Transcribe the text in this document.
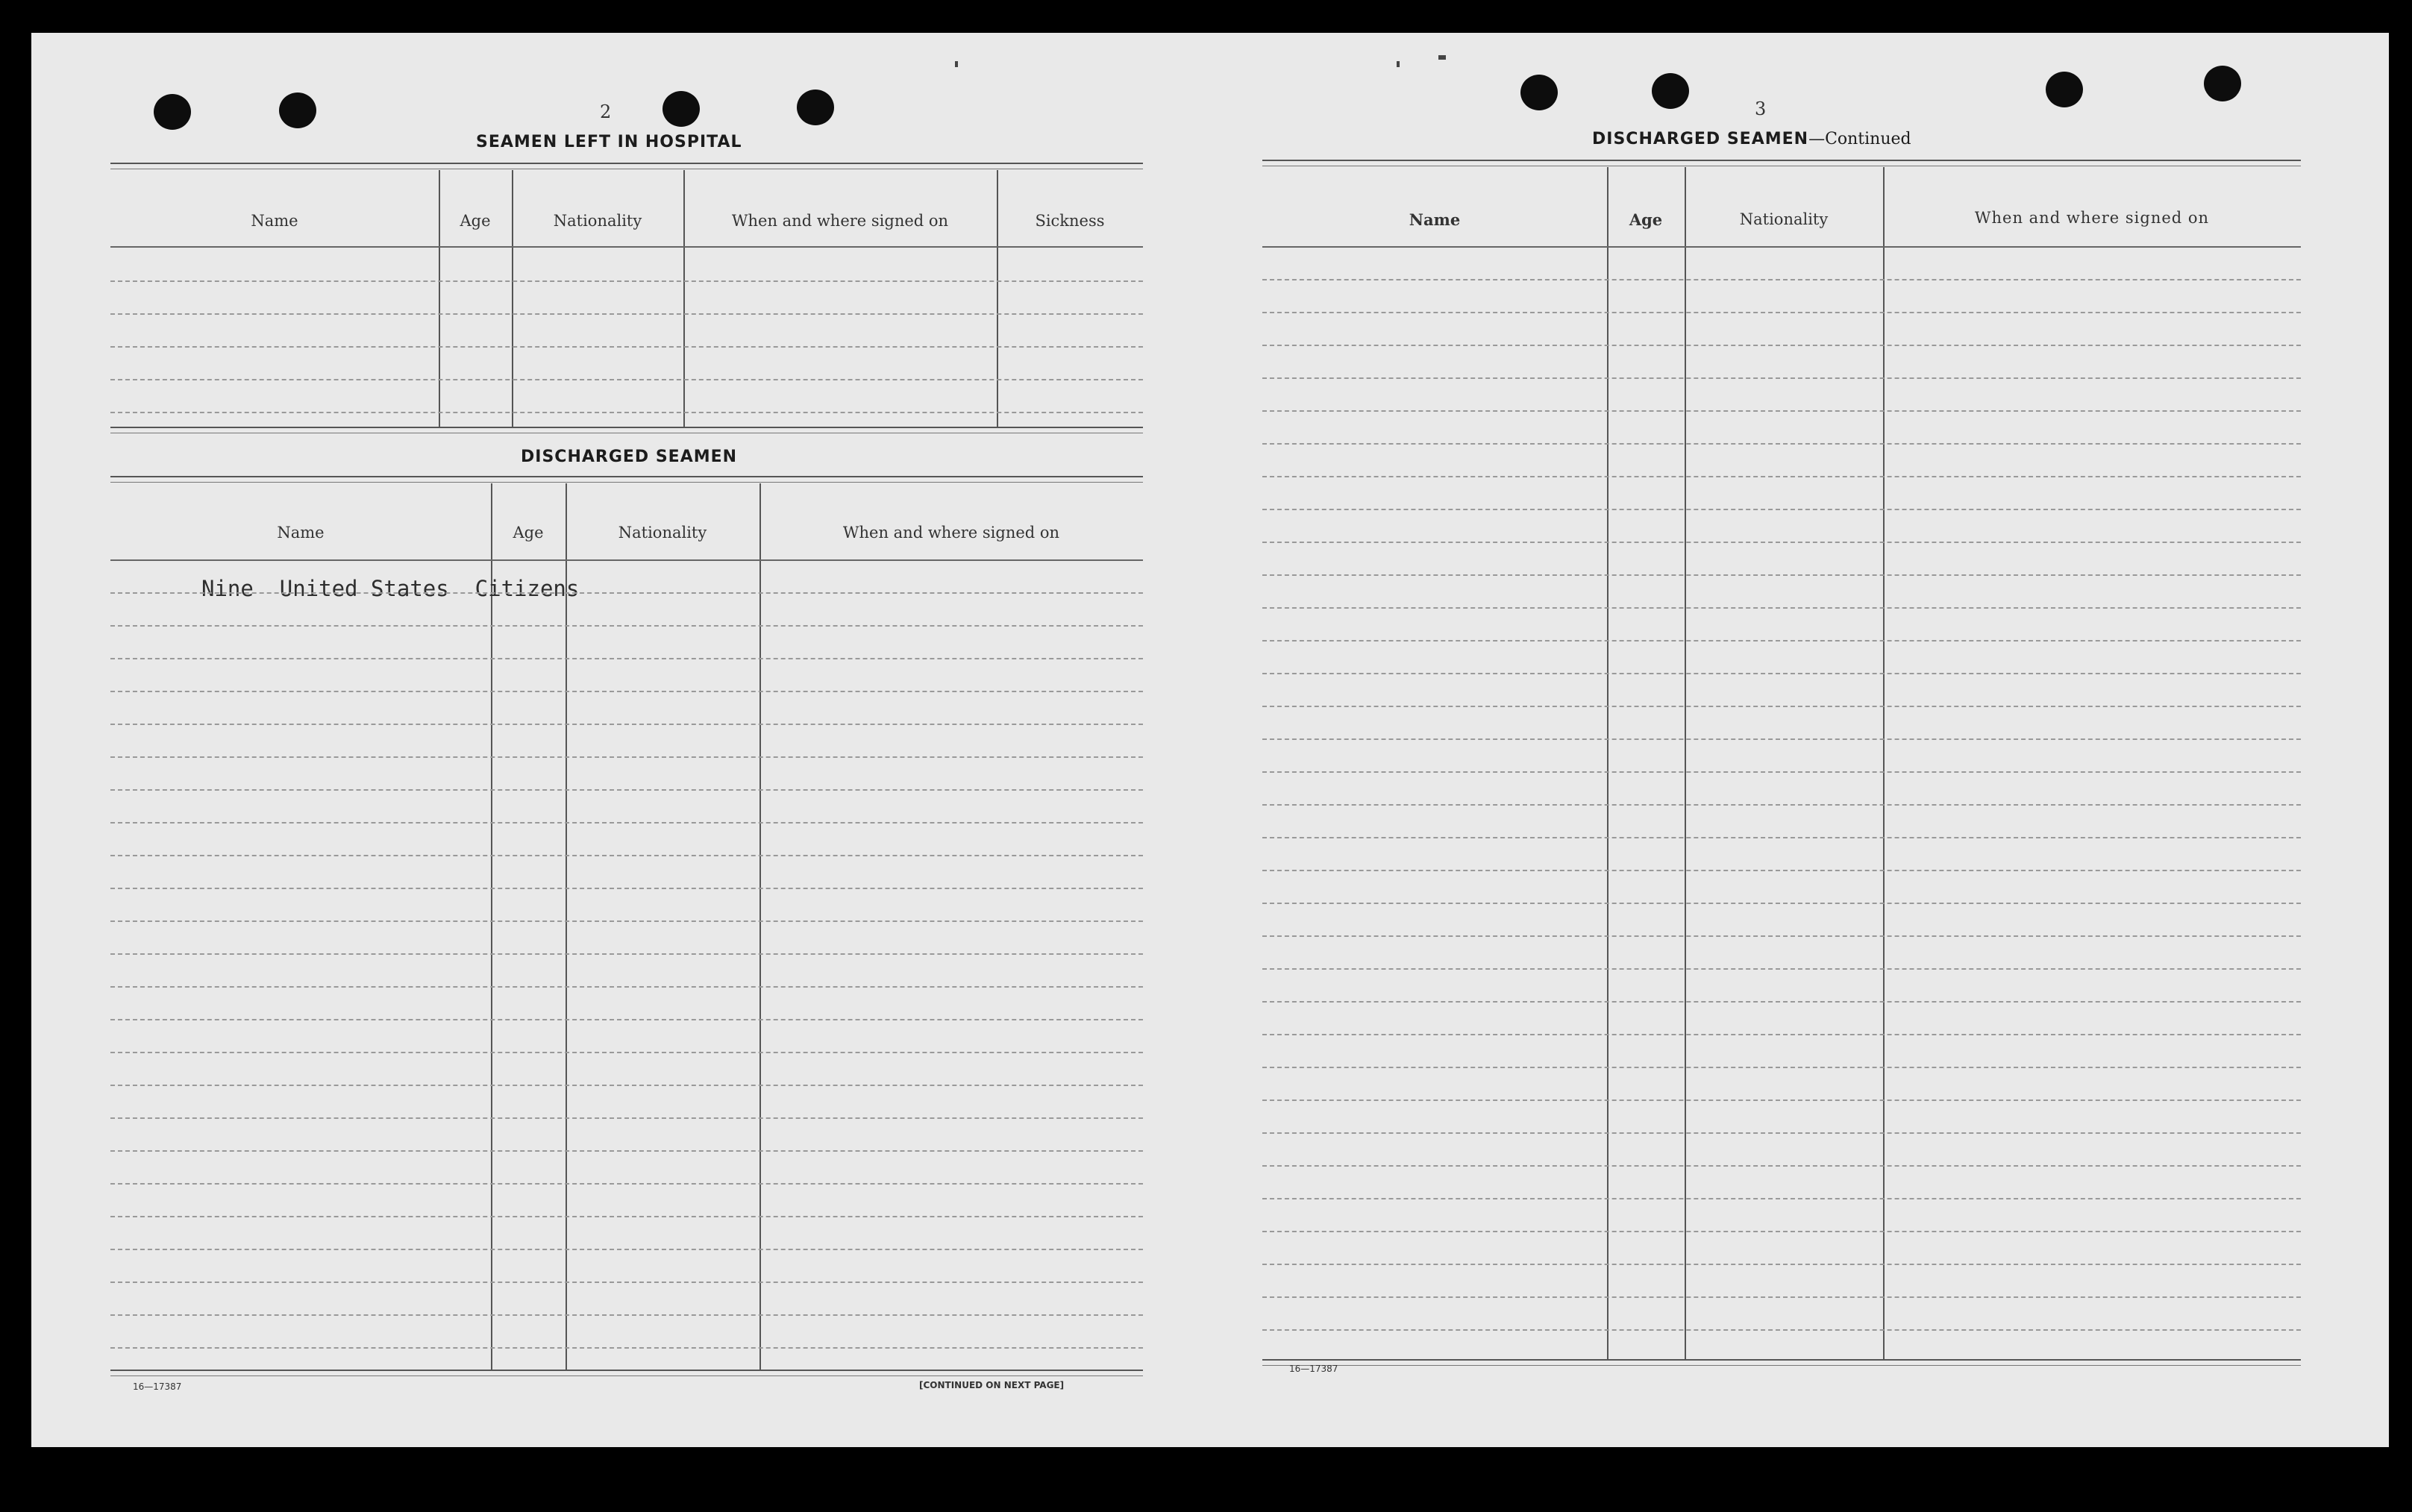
2
SEAMEN LEFT IN HOSPITAL
Name	Age	Nationality	When and where signed on	Sickness
DISCHARGED SEAMEN
Name	Age	Nationality	When and where signed on
Nine  United States  Citizens
16—17387	[CONTINUED ON NEXT PAGE]
3
DISCHARGED SEAMEN—Continued
Name	Age	Nationality	When and where signed on
16—17387
